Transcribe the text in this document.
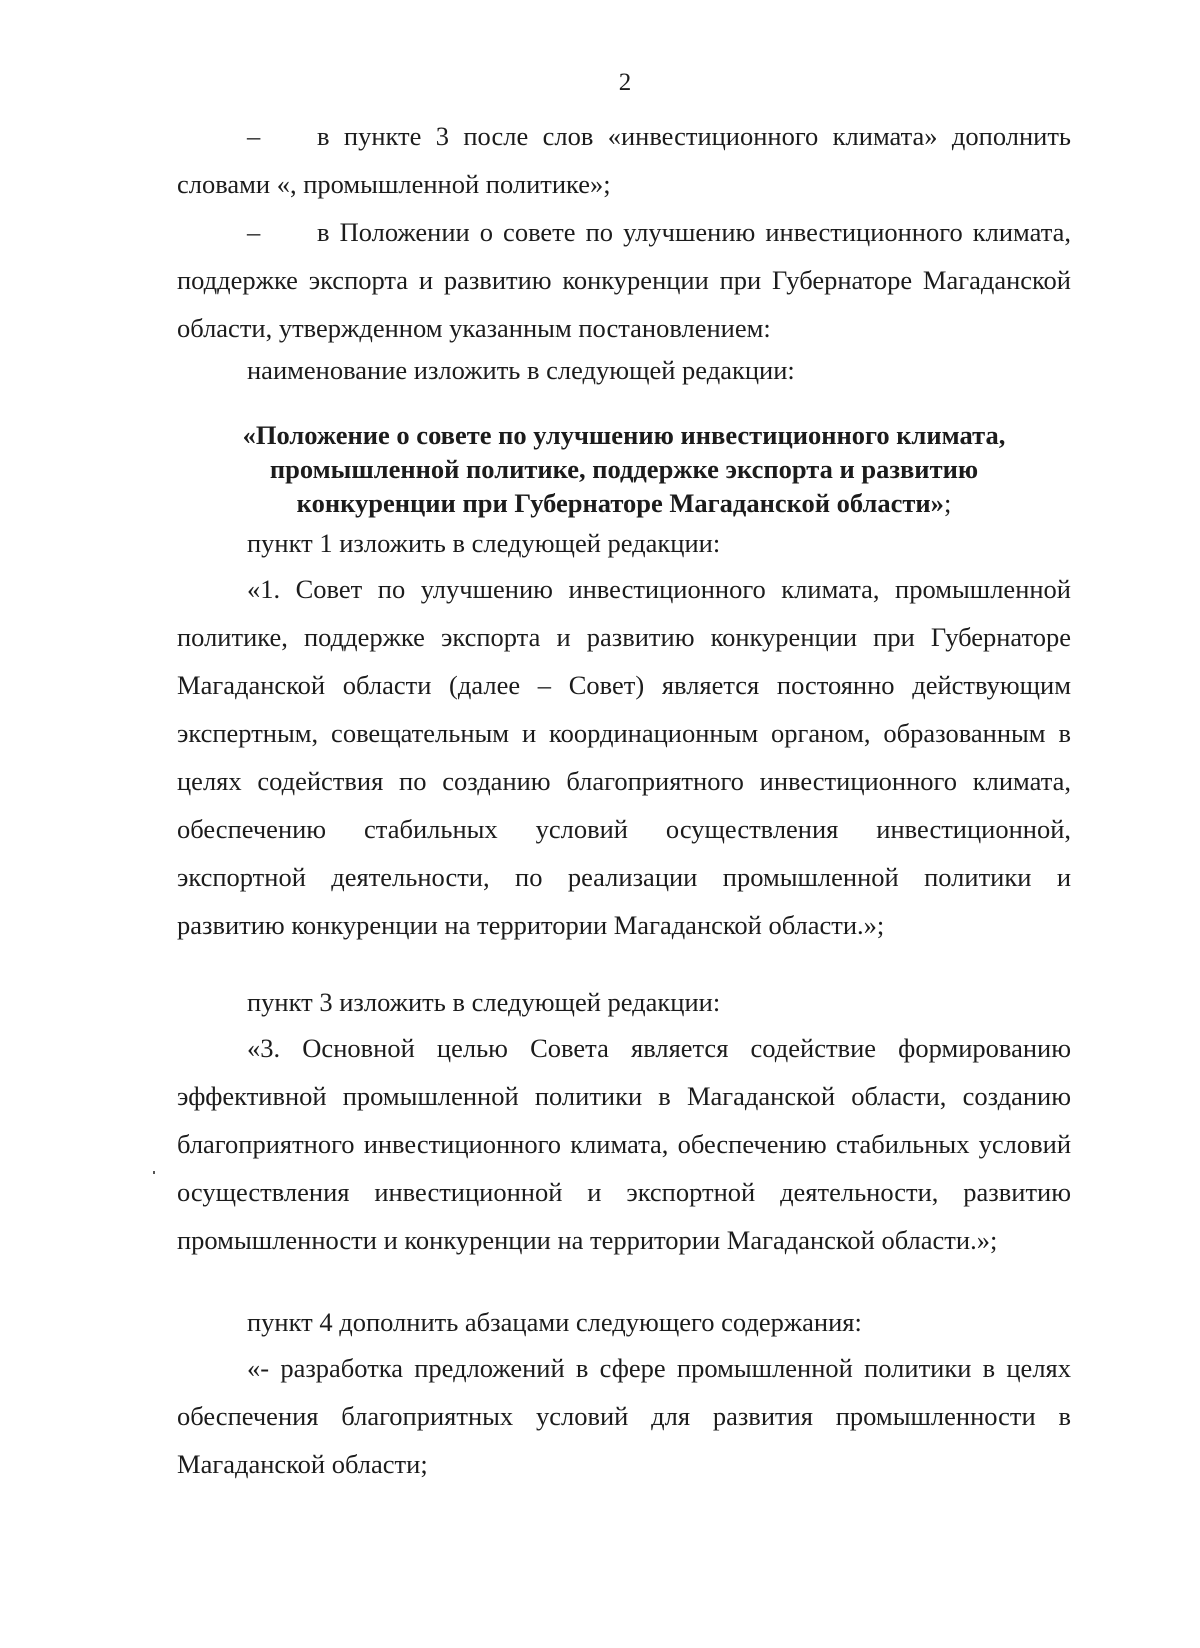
2

– в пункте 3 после слов «инвестиционного климата» дополнить словами «, промышленной политике»;

– в Положении о совете по улучшению инвестиционного климата, поддержке экспорта и развитию конкуренции при Губернаторе Магаданской области, утвержденном указанным постановлением:

наименование изложить в следующей редакции:

«Положение о совете по улучшению инвестиционного климата,
промышленной политике, поддержке экспорта и развитию
конкуренции при Губернаторе Магаданской области»;

пункт 1 изложить в следующей редакции:

«1. Совет по улучшению инвестиционного климата, промышленной политике, поддержке экспорта и развитию конкуренции при Губернаторе Магаданской области (далее – Совет) является постоянно действующим экспертным, совещательным и координационным органом, образованным в целях содействия по созданию благоприятного инвестиционного климата, обеспечению стабильных условий осуществления инвестиционной, экспортной деятельности, по реализации промышленной политики и развитию конкуренции на территории Магаданской области.»;

пункт 3 изложить в следующей редакции:

«3. Основной целью Совета является содействие формированию эффективной промышленной политики в Магаданской области, созданию благоприятного инвестиционного климата, обеспечению стабильных условий осуществления инвестиционной и экспортной деятельности, развитию промышленности и конкуренции на территории Магаданской области.»;

пункт 4 дополнить абзацами следующего содержания:

«- разработка предложений в сфере промышленной политики в целях обеспечения благоприятных условий для развития промышленности в Магаданской области;
